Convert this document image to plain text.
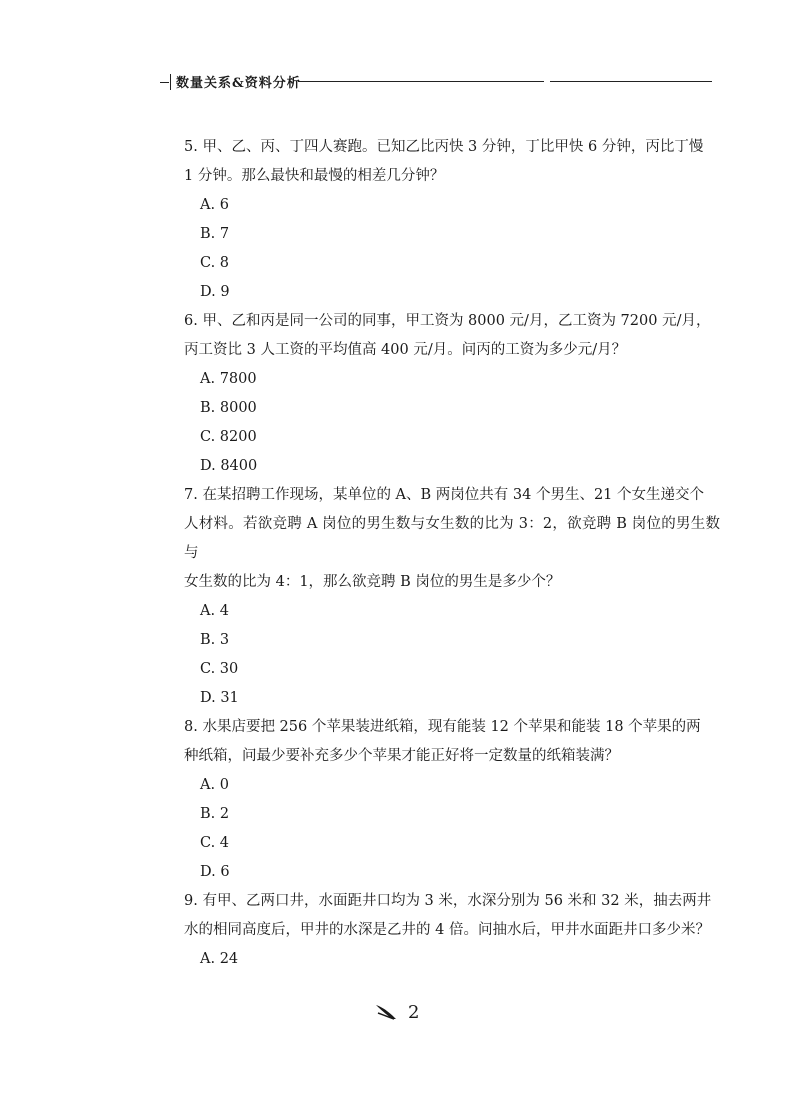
数量关系&资料分析
5. 甲、乙、丙、丁四人赛跑。已知乙比丙快 3 分钟，丁比甲快 6 分钟，丙比丁慢
1 分钟。那么最快和最慢的相差几分钟？
A. 6
B. 7
C. 8
D. 9
6. 甲、乙和丙是同一公司的同事，甲工资为 8000 元/月，乙工资为 7200 元/月，
丙工资比 3 人工资的平均值高 400 元/月。问丙的工资为多少元/月？
A. 7800
B. 8000
C. 8200
D. 8400
7. 在某招聘工作现场，某单位的 A、B 两岗位共有 34 个男生、21 个女生递交个
人材料。若欲竞聘 A 岗位的男生数与女生数的比为 3：2，欲竞聘 B 岗位的男生数与
女生数的比为 4：1，那么欲竞聘 B 岗位的男生是多少个？
A. 4
B. 3
C. 30
D. 31
8. 水果店要把 256 个苹果装进纸箱，现有能装 12 个苹果和能装 18 个苹果的两
种纸箱，问最少要补充多少个苹果才能正好将一定数量的纸箱装满？
A. 0
B. 2
C. 4
D. 6
9. 有甲、乙两口井，水面距井口均为 3 米，水深分别为 56 米和 32 米，抽去两井
水的相同高度后，甲井的水深是乙井的 4 倍。问抽水后，甲井水面距井口多少米？
A. 24
2
